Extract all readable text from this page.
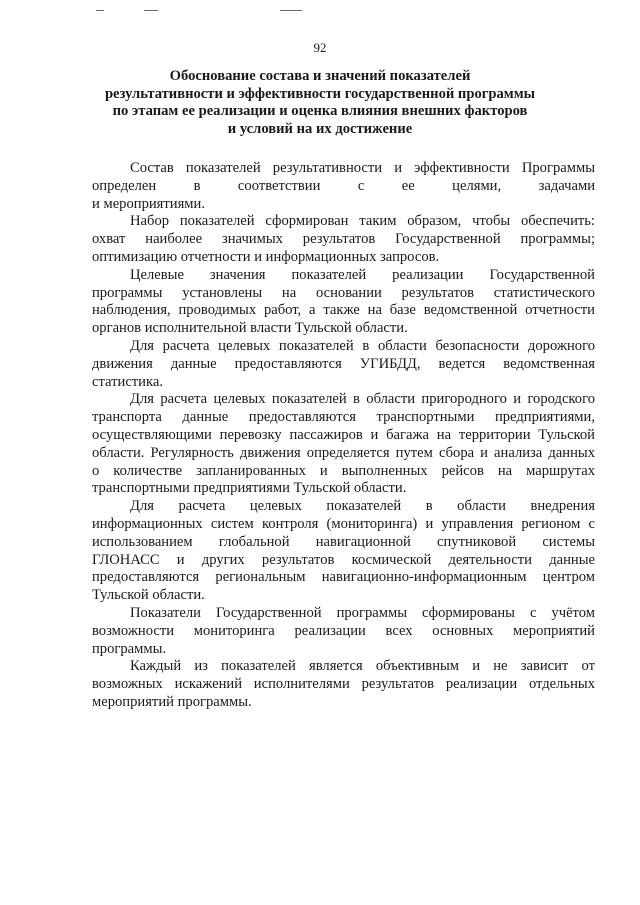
92
Обоснование состава и значений показателей
результативности и эффективности государственной программы
по этапам ее реализации и оценка влияния внешних факторов
и условий на их достижение
Состав показателей результативности и эффективности Программы
определен в соответствии с ее целями, задачами
и мероприятиями.
Набор показателей сформирован таким образом, чтобы обеспечить:
охват наиболее значимых результатов Государственной программы;
оптимизацию отчетности и информационных запросов.
Целевые значения показателей реализации Государственной
программы установлены на основании результатов статистического
наблюдения, проводимых работ, а также на базе ведомственной отчетности
органов исполнительной власти Тульской области.
Для расчета целевых показателей в области безопасности дорожного
движения данные предоставляются УГИБДД, ведется ведомственная
статистика.
Для расчета целевых показателей в области пригородного и городского
транспорта данные предоставляются транспортными предприятиями,
осуществляющими перевозку пассажиров и багажа на территории Тульской
области. Регулярность движения определяется путем сбора и анализа данных
о количестве запланированных и выполненных рейсов на маршрутах
транспортными предприятиями Тульской области.
Для расчета целевых показателей в области внедрения
информационных систем контроля (мониторинга) и управления регионом с
использованием глобальной навигационной спутниковой системы
ГЛОНАСС и других результатов космической деятельности данные
предоставляются региональным навигационно-информационным центром
Тульской области.
Показатели Государственной программы сформированы с учётом
возможности мониторинга реализации всех основных мероприятий
программы.
Каждый из показателей является объективным и не зависит от
возможных искажений исполнителями результатов реализации отдельных
мероприятий программы.
